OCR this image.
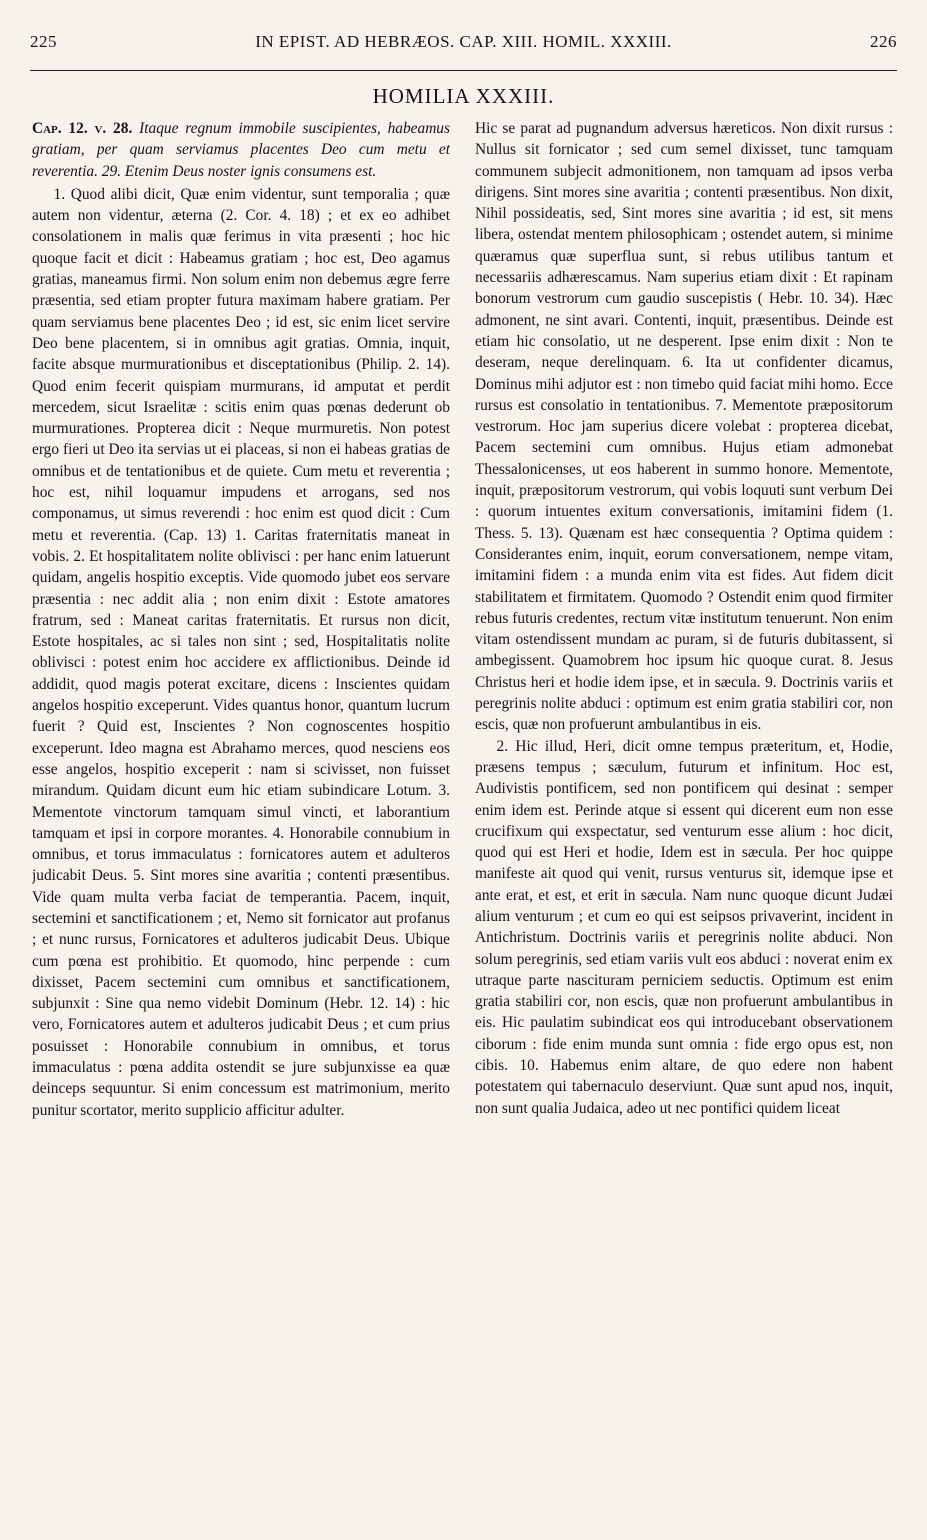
225	IN EPIST. AD HEBRÆOS. CAP. XIII. HOMIL. XXXIII.	226
HOMILIA XXXIII.

Cap. 12. v. 28. Itaque regnum immobile suscipientes, habeamus gratiam, per quam serviamus placentes Deo cum metu et reverentia. 29. Etenim Deus noster ignis consumens est.

1. Quod alibi dicit, Quæ enim videntur, sunt temporalia ; quæ autem non videntur, æterna (2. Cor. 4. 18) ; et ex eo adhibet consolationem in malis quæ ferimus in vita præsenti ; hoc hic quoque facit et dicit : Habeamus gratiam ; hoc est, Deo agamus gratias, maneamus firmi. Non solum enim non debemus ægre ferre præsentia, sed etiam propter futura maximam habere gratiam. Per quam serviamus bene placentes Deo ; id est, sic enim licet servire Deo bene placentem, si in omnibus agit gratias. Omnia, inquit, facite absque murmurationibus et disceptationibus (Philip. 2. 14). Quod enim fecerit quispiam murmurans, id amputat et perdit mercedem, sicut Israelitæ : scitis enim quas pœnas dederunt ob murmurationes. Propterea dicit : Neque murmuretis. Non potest ergo fieri ut Deo ita servias ut ei placeas, si non ei habeas gratias de omnibus et de tentationibus et de quiete. Cum metu et reverentia ; hoc est, nihil loquamur impudens et arrogans, sed nos componamus, ut simus reverendi : hoc enim est quod dicit : Cum metu et reverentia. (Cap. 13) 1. Caritas fraternitatis maneat in vobis. 2. Et hospitalitatem nolite oblivisci : per hanc enim latuerunt quidam, angelis hospitio exceptis. Vide quomodo jubet eos servare præsentia : nec addit alia ; non enim dixit : Estote amatores fratrum, sed : Maneat caritas fraternitatis. Et rursus non dicit, Estote hospitales, ac si tales non sint ; sed, Hospitalitatis nolite oblivisci : potest enim hoc accidere ex afflictionibus. Deinde id addidit, quod magis poterat excitare, dicens : Inscientes quidam angelos hospitio exceperunt. Vides quantus honor, quantum lucrum fuerit ? Quid est, Inscientes ? Non cognoscentes hospitio exceperunt. Ideo magna est Abrahamo merces, quod nesciens eos esse angelos, hospitio exceperit : nam si scivisset, non fuisset mirandum. Quidam dicunt eum hic etiam subindicare Lotum. 3. Mementote vinctorum tamquam simul vincti, et laborantium tamquam et ipsi in corpore morantes. 4. Honorabile connubium in omnibus, et torus immaculatus : fornicatores autem et adulteros judicabit Deus. 5. Sint mores sine avaritia ; contenti præsentibus. Vide quam multa verba faciat de temperantia. Pacem, inquit, sectemini et sanctificationem ; et, Nemo sit fornicator aut profanus ; et nunc rursus, Fornicatores et adulteros judicabit Deus. Ubique cum pœna est prohibitio. Et quomodo, hinc perpende : cum dixisset, Pacem sectemini cum omnibus et sanctificationem, subjunxit : Sine qua nemo videbit Dominum (Hebr. 12. 14) : hic vero, Fornicatores autem et adulteros judicabit Deus ; et cum prius posuisset : Honorabile connubium in omnibus, et torus immaculatus : pœna addita ostendit se jure subjunxisse ea quæ deinceps sequuntur. Si enim concessum est matrimonium, merito punitur scortator, merito supplicio afficitur adulter.

Hic se parat ad pugnandum adversus hæreticos. Non dixit rursus : Nullus sit fornicator ; sed cum semel dixisset, tunc tamquam communem subjecit admonitionem, non tamquam ad ipsos verba dirigens. Sint mores sine avaritia ; contenti præsentibus. Non dixit, Nihil possideatis, sed, Sint mores sine avaritia ; id est, sit mens libera, ostendat mentem philosophicam ; ostendet autem, si minime quæramus quæ superflua sunt, si rebus utilibus tantum et necessariis adhærescamus. Nam superius etiam dixit : Et rapinam bonorum vestrorum cum gaudio suscepistis ( Hebr. 10. 34). Hæc admonent, ne sint avari. Contenti, inquit, præsentibus. Deinde est etiam hic consolatio, ut ne desperent. Ipse enim dixit : Non te deseram, neque derelinquam. 6. Ita ut confidenter dicamus, Dominus mihi adjutor est : non timebo quid faciat mihi homo. Ecce rursus est consolatio in tentationibus. 7. Mementote præpositorum vestrorum. Hoc jam superius dicere volebat : propterea dicebat, Pacem sectemini cum omnibus. Hujus etiam admonebat Thessalonicenses, ut eos haberent in summo honore. Mementote, inquit, præpositorum vestrorum, qui vobis loquuti sunt verbum Dei : quorum intuentes exitum conversationis, imitamini fidem (1. Thess. 5. 13). Quænam est hæc consequentia ? Optima quidem : Considerantes enim, inquit, eorum conversationem, nempe vitam, imitamini fidem : a munda enim vita est fides. Aut fidem dicit stabilitatem et firmitatem. Quomodo ? Ostendit enim quod firmiter rebus futuris credentes, rectum vitæ institutum tenuerunt. Non enim vitam ostendissent mundam ac puram, si de futuris dubitassent, si ambegissent. Quamobrem hoc ipsum hic quoque curat. 8. Jesus Christus heri et hodie idem ipse, et in sæcula. 9. Doctrinis variis et peregrinis nolite abduci : optimum est enim gratia stabiliri cor, non escis, quæ non profuerunt ambulantibus in eis.

2. Hic illud, Heri, dicit omne tempus præteritum, et, Hodie, præsens tempus ; sæculum, futurum et infinitum. Hoc est, Audivistis pontificem, sed non pontificem qui desinat : semper enim idem est. Perinde atque si essent qui dicerent eum non esse crucifixum qui exspectatur, sed venturum esse alium : hoc dicit, quod qui est Heri et hodie, Idem est in sæcula. Per hoc quippe manifeste ait quod qui venit, rursus venturus sit, idemque ipse et ante erat, et est, et erit in sæcula. Nam nunc quoque dicunt Judæi alium venturum ; et cum eo qui est seipsos privaverint, incident in Antichristum. Doctrinis variis et peregrinis nolite abduci. Non solum peregrinis, sed etiam variis vult eos abduci : noverat enim ex utraque parte nascituram perniciem seductis. Optimum est enim gratia stabiliri cor, non escis, quæ non profuerunt ambulantibus in eis. Hic paulatim subindicat eos qui introducebant observationem ciborum : fide enim munda sunt omnia : fide ergo opus est, non cibis. 10. Habemus enim altare, de quo edere non habent potestatem qui tabernaculo deserviunt. Quæ sunt apud nos, inquit, non sunt qualia Judaica, adeo ut nec pontifici quidem liceat
